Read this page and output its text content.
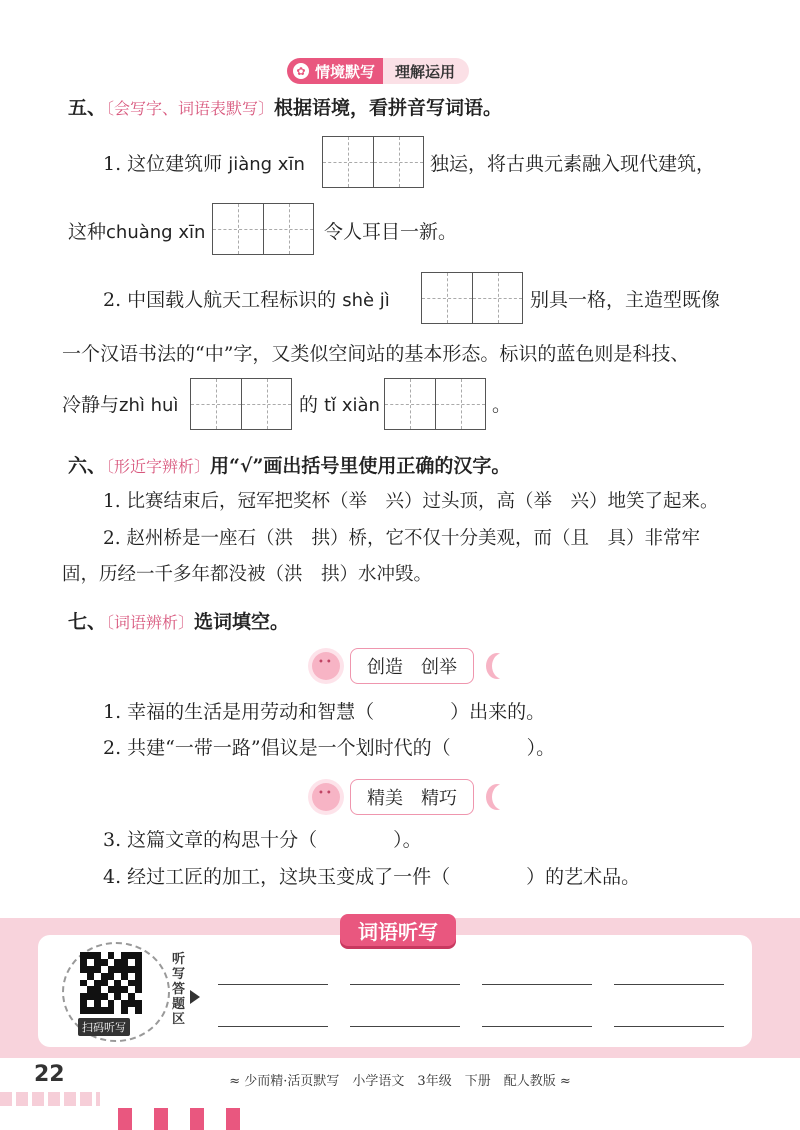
✿ 情境默写	理解运用
五、〔会写字、词语表默写〕根据语境，看拼音写词语。
1. 这位建筑师 jiàng xīn	独运，将古典元素融入现代建筑，
这种chuàng xīn	令人耳目一新。
2. 中国载人航天工程标识的 shè jì	别具一格，主造型既像
一个汉语书法的“中”字，又类似空间站的基本形态。标识的蓝色则是科技、
冷静与zhì huì	的 tǐ xiàn	。
六、〔形近字辨析〕用“√”画出括号里使用正确的汉字。
1. 比赛结束后，冠军把奖杯（举　兴）过头顶，高（举　兴）地笑了起来。
2. 赵州桥是一座石（洪　拱）桥，它不仅十分美观，而（且　具）非常牢
固，历经一千多年都没被（洪　拱）水冲毁。
七、〔词语辨析〕选词填空。
••
创造　创举
1. 幸福的生活是用劳动和智慧（　　　　）出来的。
2. 共建“一带一路”倡议是一个划时代的（　　　　）。
••
精美　精巧
3. 这篇文章的构思十分（　　　　）。
4. 经过工匠的加工，这块玉变成了一件（　　　　）的艺术品。
词语听写
扫码听写
听写答题区
22	≈ 少而精·活页默写　小学语文　3年级　下册　配人教版 ≈
